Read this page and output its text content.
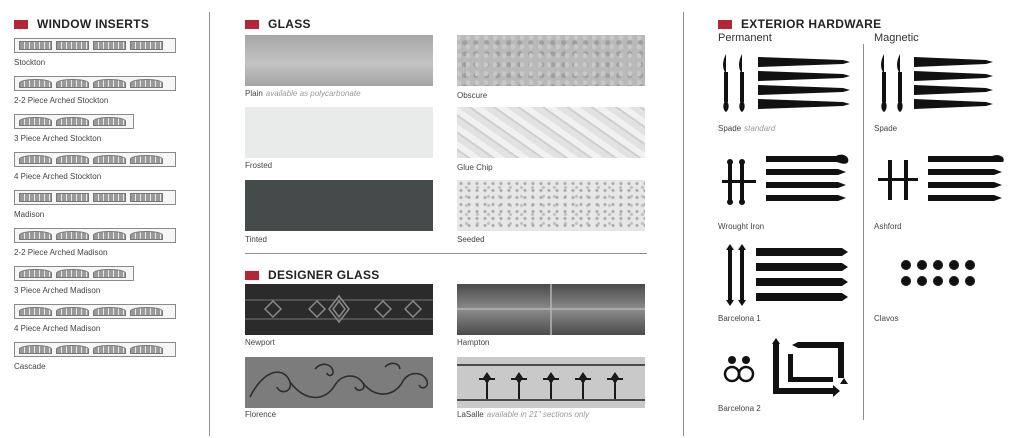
WINDOW INSERTS
Stockton
2-2 Piece Arched Stockton
3 Piece Arched Stockton
4 Piece Arched Stockton
Madison
2-2 Piece Arched Madison
3 Piece Arched Madison
4 Piece Arched Madison
Cascade
GLASS
Plain available as polycarbonate	Obscure
Frosted	Glue Chip
Tinted	Seeded
DESIGNER GLASS
Newport	Hampton
Florence	LaSalle available in 21" sections only
EXTERIOR HARDWARE
Permanent	Magnetic
Spade standard
Wrought Iron
Barcelona 1
Barcelona 2
Spade
Ashford
Clavos
